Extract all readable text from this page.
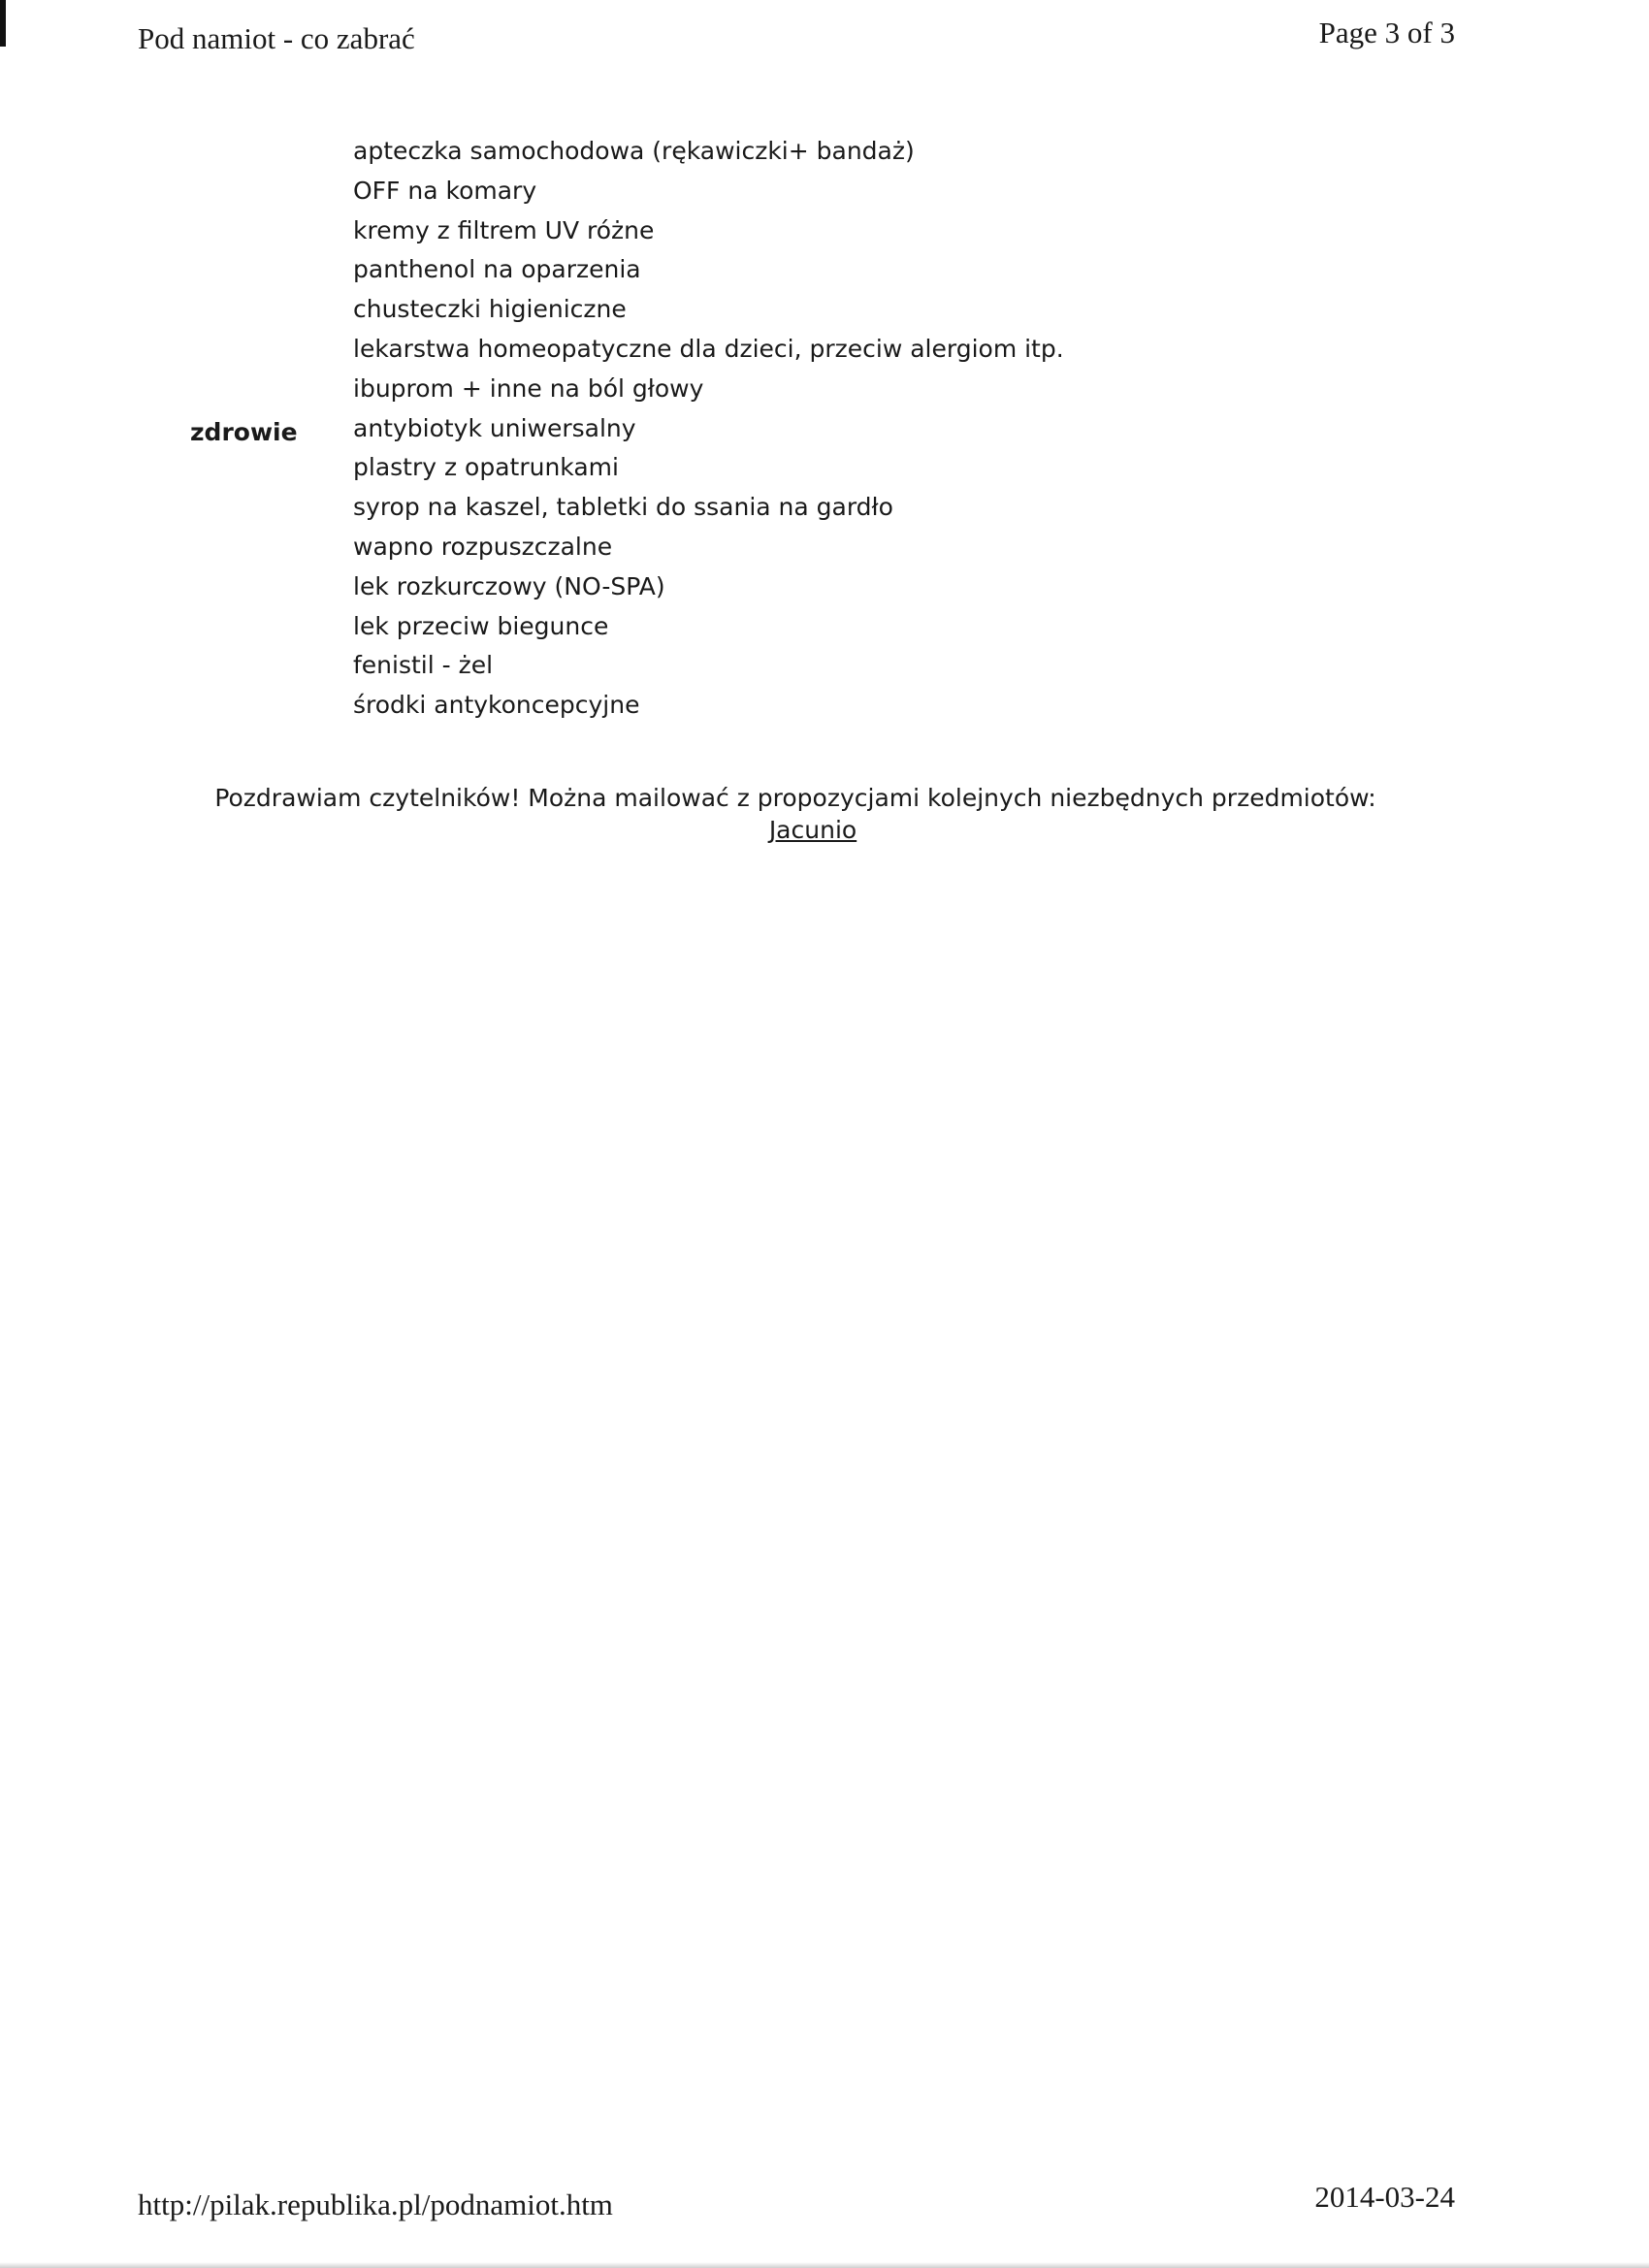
Pod namiot - co zabrać	Page 3 of 3
zdrowie
apteczka samochodowa (rękawiczki+ bandaż)
OFF na komary
kremy z filtrem UV różne
panthenol na oparzenia
chusteczki higieniczne
lekarstwa homeopatyczne dla dzieci, przeciw alergiom itp.
ibuprom + inne na ból głowy
antybiotyk uniwersalny
plastry z opatrunkami
syrop na kaszel, tabletki do ssania na gardło
wapno rozpuszczalne
lek rozkurczowy (NO-SPA)
lek przeciw biegunce
fenistil - żel
środki antykoncepcyjne
Pozdrawiam czytelników! Można mailować z propozycjami kolejnych niezbędnych przedmiotów:
Jacunio
http://pilak.republika.pl/podnamiot.htm	2014-03-24
